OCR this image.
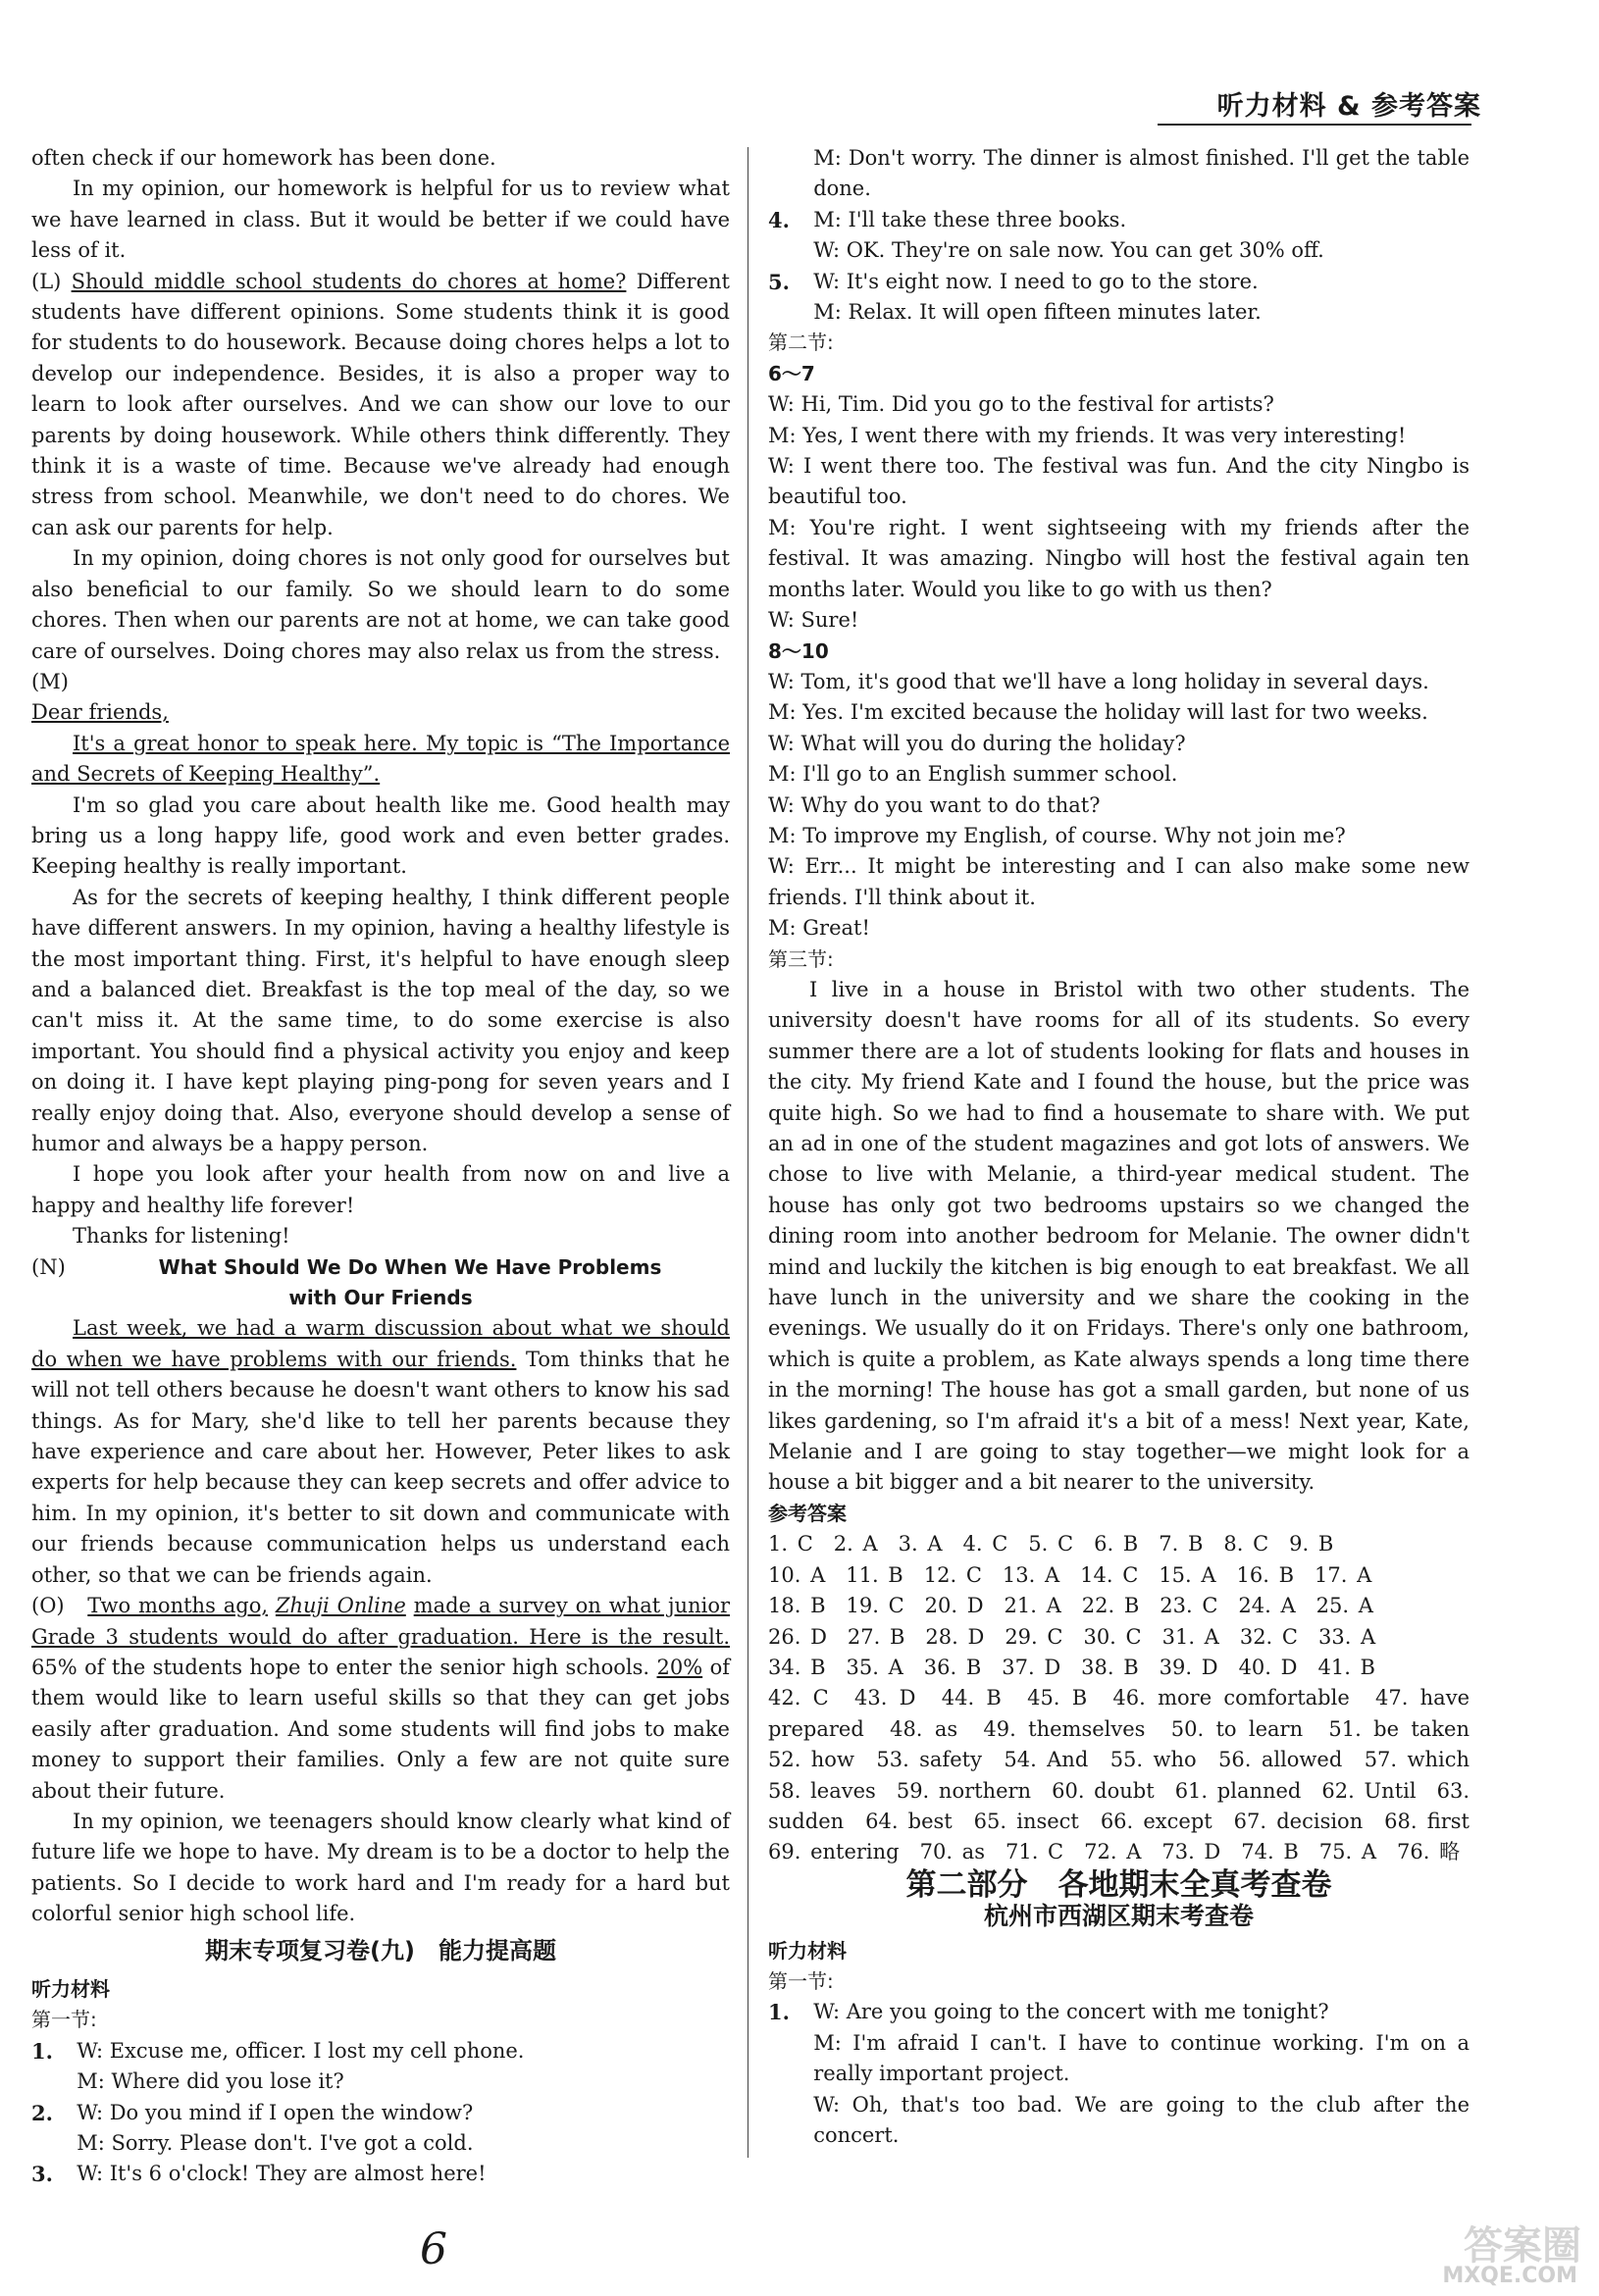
听力材料 & 参考答案

often check if our homework has been done.

In my opinion, our homework is helpful for us to review what we have learned in class. But it would be better if we could have less of it.

(L) Should middle school students do chores at home? Different students have different opinions. Some students think it is good for students to do housework. Because doing chores helps a lot to develop our independence. Besides, it is also a proper way to learn to look after ourselves. And we can show our love to our parents by doing housework. While others think differently. They think it is a waste of time. Because we've already had enough stress from school. Meanwhile, we don't need to do chores. We can ask our parents for help.

In my opinion, doing chores is not only good for ourselves but also beneficial to our family. So we should learn to do some chores. Then when our parents are not at home, we can take good care of ourselves. Doing chores may also relax us from the stress.

(M)

Dear friends,

It's a great honor to speak here. My topic is “The Importance and Secrets of Keeping Healthy”.

I'm so glad you care about health like me. Good health may bring us a long happy life, good work and even better grades. Keeping healthy is really important.

As for the secrets of keeping healthy, I think different people have different answers. In my opinion, having a healthy lifestyle is the most important thing. First, it's helpful to have enough sleep and a balanced diet. Breakfast is the top meal of the day, so we can't miss it. At the same time, to do some exercise is also important. You should find a physical activity you enjoy and keep on doing it. I have kept playing ping-pong for seven years and I really enjoy doing that. Also, everyone should develop a sense of humor and always be a happy person.

I hope you look after your health from now on and live a happy and healthy life forever!

Thanks for listening!

(N)	What Should We Do When We Have Problems

with Our Friends

Last week, we had a warm discussion about what we should do when we have problems with our friends. Tom thinks that he will not tell others because he doesn't want others to know his sad things. As for Mary, she'd like to tell her parents because they have experience and care about her. However, Peter likes to ask experts for help because they can keep secrets and offer advice to him. In my opinion, it's better to sit down and communicate with our friends because communication helps us understand each other, so that we can be friends again.

(O) Two months ago, Zhuji Online made a survey on what junior Grade 3 students would do after graduation. Here is the result. 65% of the students hope to enter the senior high schools. 20% of them would like to learn useful skills so that they can get jobs easily after graduation. And some students will find jobs to make money to support their families. Only a few are not quite sure about their future.

In my opinion, we teenagers should know clearly what kind of future life we hope to have. My dream is to be a doctor to help the patients. So I decide to work hard and I'm ready for a hard but colorful senior high school life.

期末专项复习卷(九)　能力提高题

听力材料

第一节:

1.	W: Excuse me, officer. I lost my cell phone.
M: Where did you lose it?
2.	W: Do you mind if I open the window?
M: Sorry. Please don't. I've got a cold.
3.	W: It's 6 o'clock! They are almost here!
M: Don't worry. The dinner is almost finished. I'll get the table done.
4.	M: I'll take these three books.
W: OK. They're on sale now. You can get 30% off.
5.	W: It's eight now. I need to go to the store.
M: Relax. It will open fifteen minutes later.

第二节:

6～7

W: Hi, Tim. Did you go to the festival for artists?

M: Yes, I went there with my friends. It was very interesting!

W: I went there too. The festival was fun. And the city Ningbo is beautiful too.

M: You're right. I went sightseeing with my friends after the festival. It was amazing. Ningbo will host the festival again ten months later. Would you like to go with us then?

W: Sure!

8～10

W: Tom, it's good that we'll have a long holiday in several days.

M: Yes. I'm excited because the holiday will last for two weeks.

W: What will you do during the holiday?

M: I'll go to an English summer school.

W: Why do you want to do that?

M: To improve my English, of course. Why not join me?

W: Err... It might be interesting and I can also make some new friends. I'll think about it.

M: Great!

第三节:

I live in a house in Bristol with two other students. The university doesn't have rooms for all of its students. So every summer there are a lot of students looking for flats and houses in the city. My friend Kate and I found the house, but the price was quite high. So we had to find a housemate to share with. We put an ad in one of the student magazines and got lots of answers. We chose to live with Melanie, a third-year medical student. The house has only got two bedrooms upstairs so we changed the dining room into another bedroom for Melanie. The owner didn't mind and luckily the kitchen is big enough to eat breakfast. We all have lunch in the university and we share the cooking in the evenings. We usually do it on Fridays. There's only one bathroom, which is quite a problem, as Kate always spends a long time there in the morning! The house has got a small garden, but none of us likes gardening, so I'm afraid it's a bit of a mess! Next year, Kate, Melanie and I are going to stay together—we might look for a house a bit bigger and a bit nearer to the university.

参考答案

1. C　2. A　3. A　4. C　5. C　6. B　7. B　8. C　9. B

10. A　11. B　12. C　13. A　14. C　15. A　16. B　17. A

18. B　19. C　20. D　21. A　22. B　23. C　24. A　25. A

26. D　27. B　28. D　29. C　30. C　31. A　32. C　33. A

34. B　35. A　36. B　37. D　38. B　39. D　40. D　41. B

42. C　43. D　44. B　45. B　46. more comfortable　47. have prepared　48. as　49. themselves　50. to learn　51. be taken　52. how　53. safety　54. And　55. who　56. allowed　57. which　58. leaves　59. northern　60. doubt　61. planned　62. Until　63. sudden　64. best　65. insect　66. except　67. decision　68. first　69. entering　70. as　71. C　72. A　73. D　74. B　75. A　76. 略

第二部分　各地期末全真考查卷

杭州市西湖区期末考查卷

听力材料

第一节:

1.	W: Are you going to the concert with me tonight?
M: I'm afraid I can't. I have to continue working. I'm on a really important project.
W: Oh, that's too bad. We are going to the club after the concert.
6	答案圈
MXQE.COM
